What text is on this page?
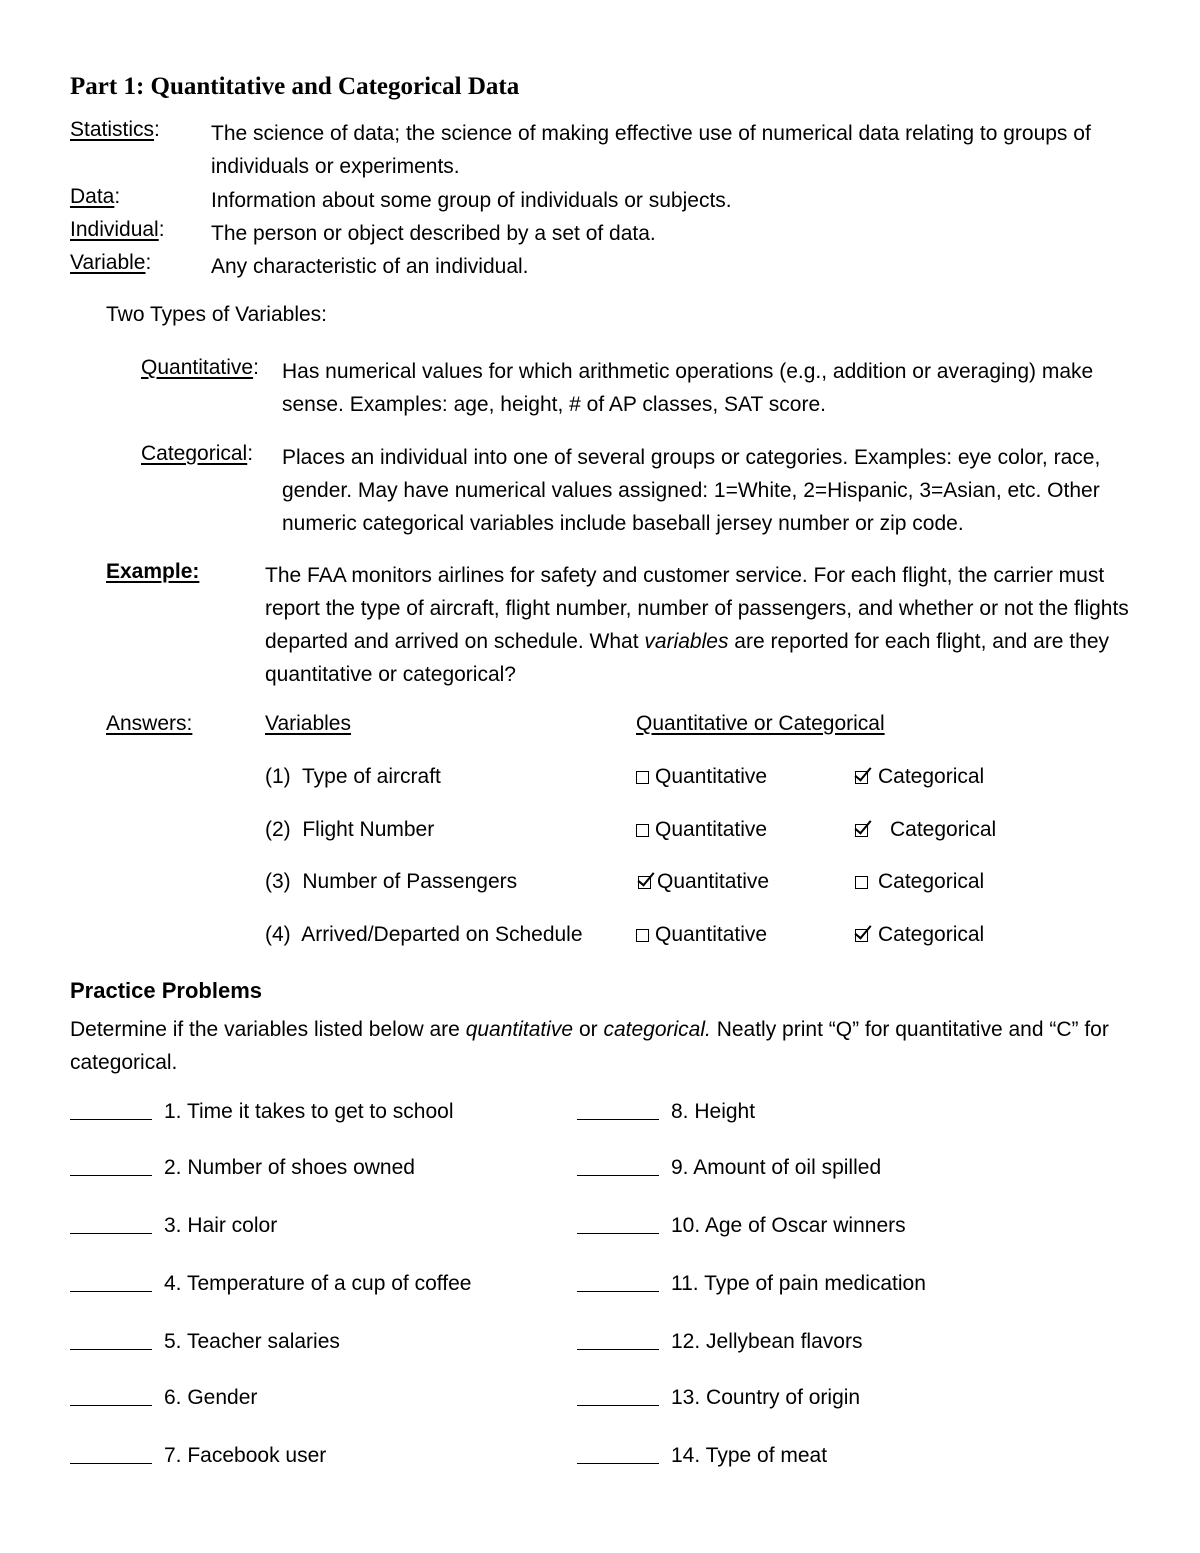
Part 1: Quantitative and Categorical Data
Statistics: The science of data; the science of making effective use of numerical data relating to groups of individuals or experiments.
Data:	Information about some group of individuals or subjects.
Individual: The person or object described by a set of data.
Variable:	Any characteristic of an individual.
Two Types of Variables:
Quantitative: Has numerical values for which arithmetic operations (e.g., addition or averaging) make sense. Examples: age, height, # of AP classes, SAT score.
Categorical: Places an individual into one of several groups or categories. Examples: eye color, race, gender. May have numerical values assigned: 1=White, 2=Hispanic, 3=Asian, etc. Other numeric categorical variables include baseball jersey number or zip code.
Example:	The FAA monitors airlines for safety and customer service. For each flight, the carrier must report the type of aircraft, flight number, number of passengers, and whether or not the flights departed and arrived on schedule. What variables are reported for each flight, and are they quantitative or categorical?
Answers:	Variables	Quantitative or Categorical
(1) Type of aircraft	Quantitative	Categorical
(2) Flight Number	Quantitative	Categorical
(3) Number of Passengers	Quantitative	Categorical
(4) Arrived/Departed on Schedule	Quantitative	Categorical
Practice Problems
Determine if the variables listed below are quantitative or categorical. Neatly print “Q” for quantitative and “C” for categorical.
1. Time it takes to get to school
2. Number of shoes owned
3. Hair color
4. Temperature of a cup of coffee
5. Teacher salaries
6. Gender
7. Facebook user
8. Height
9. Amount of oil spilled
10. Age of Oscar winners
11. Type of pain medication
12. Jellybean flavors
13. Country of origin
14. Type of meat
